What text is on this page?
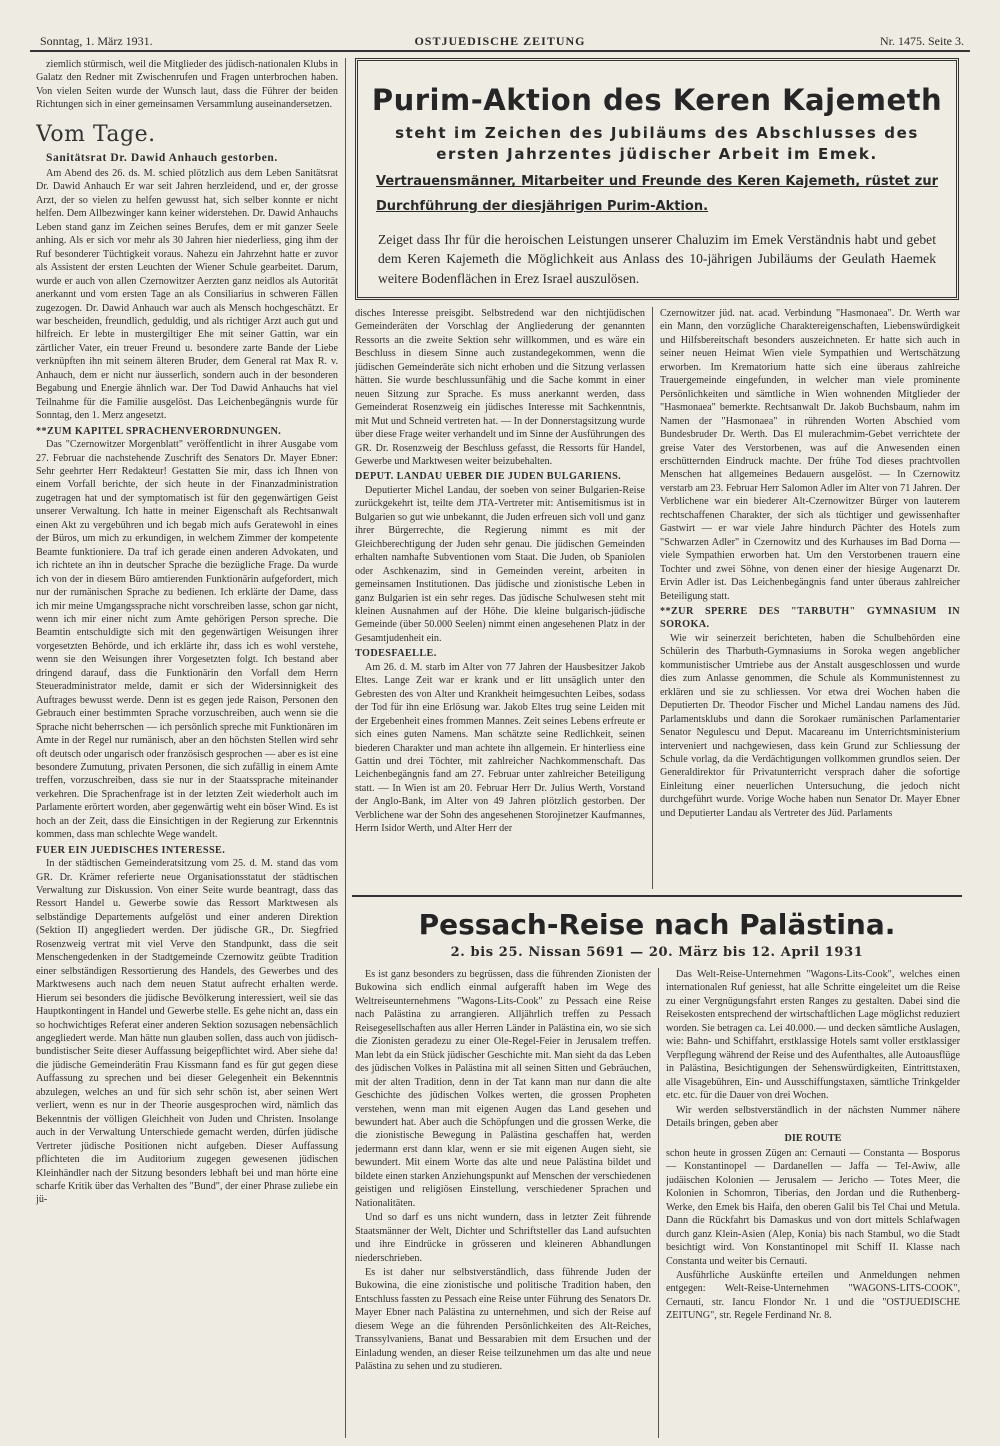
Sonntag, 1. März 1931.	OSTJUEDISCHE ZEITUNG	Nr. 1475. Seite 3.

ziemlich stürmisch, weil die Mitglieder des jüdisch-nationalen Klubs in Galatz den Redner mit Zwischenrufen und Fragen unterbrochen haben. Von vielen Seiten wurde der Wunsch laut, dass die Führer der beiden Richtungen sich in einer gemeinsamen Versammlung auseinandersetzen.

Vom Tage.

Sanitätsrat Dr. Dawid Anhauch gestorben.

Am Abend des 26. ds. M. schied plötzlich aus dem Leben Sanitätsrat Dr. Dawid Anhauch Er war seit Jahren herzleidend, und er, der grosse Arzt, der so vielen zu helfen gewusst hat, sich selber konnte er nicht helfen. Dem Allbezwinger kann keiner widerstehen. Dr. Dawid Anhauchs Leben stand ganz im Zeichen seines Berufes, dem er mit ganzer Seele anhing. Als er sich vor mehr als 30 Jahren hier niederliess, ging ihm der Ruf besonderer Tüchtigkeit voraus. Nahezu ein Jahrzehnt hatte er zuvor als Assistent der ersten Leuchten der Wiener Schule gearbeitet. Darum, wurde er auch von allen Czernowitzer Aerzten ganz neidlos als Autorität anerkannt und vom ersten Tage an als Consiliarius in schweren Fällen zugezogen. Dr. Dawid Anhauch war auch als Mensch hochgeschätzt. Er war bescheiden, freundlich, geduldig, und als richtiger Arzt auch gut und hilfreich. Er lebte in mustergiltiger Ehe mit seiner Gattin, war ein zärtlicher Vater, ein treuer Freund u. besondere zarte Bande der Liebe verknüpften ihn mit seinem älteren Bruder, dem General rat Max R. v. Anhauch, dem er nicht nur äusserlich, sondern auch in der besonderen Begabung und Energie ähnlich war. Der Tod Dawid Anhauchs hat viel Teilnahme für die Familie ausgelöst. Das Leichenbegängnis wurde für Sonntag, den 1. Merz angesetzt.

**ZUM KAPITEL SPRACHENVERORDNUNGEN.

Das "Czernowitzer Morgenblatt" veröffentlicht in ihrer Ausgabe vom 27. Februar die nachstehende Zuschrift des Senators Dr. Mayer Ebner: Sehr geehrter Herr Redakteur! Gestatten Sie mir, dass ich Ihnen von einem Vorfall berichte, der sich heute in der Finanzadministration zugetragen hat und der symptomatisch ist für den gegenwärtigen Geist unserer Verwaltung. Ich hatte in meiner Eigenschaft als Rechtsanwalt einen Akt zu vergebühren und ich begab mich aufs Geratewohl in eines der Büros, um mich zu erkundigen, in welchem Zimmer der kompetente Beamte funktioniere. Da traf ich gerade einen anderen Advokaten, und ich richtete an ihn in deutscher Sprache die bezügliche Frage. Da wurde ich von der in diesem Büro amtierenden Funktionärin aufgefordert, mich nur der rumänischen Sprache zu bedienen. Ich erklärte der Dame, dass ich mir meine Umgangssprache nicht vorschreiben lasse, schon gar nicht, wenn ich mir einer nicht zum Amte gehörigen Person spreche. Die Beamtin entschuldigte sich mit den gegenwärtigen Weisungen ihrer vorgesetzten Behörde, und ich erklärte ihr, dass ich es wohl verstehe, wenn sie den Weisungen ihrer Vorgesetzten folgt. Ich bestand aber dringend darauf, dass die Funktionärin den Vorfall dem Herrn Steueradministrator melde, damit er sich der Widersinnigkeit des Auftrages bewusst werde. Denn ist es gegen jede Raison, Personen den Gebrauch einer bestimmten Sprache vorzuschreiben, auch wenn sie die Sprache nicht beherrschen — ich persönlich spreche mit Funktionären im Amte in der Regel nur rumänisch, aber an den höchsten Stellen wird sehr oft deutsch oder ungarisch oder französisch gesprochen — aber es ist eine besondere Zumutung, privaten Personen, die sich zufällig in einem Amte treffen, vorzuschreiben, dass sie nur in der Staatssprache miteinander verkehren. Die Sprachenfrage ist in der letzten Zeit wiederholt auch im Parlamente erörtert worden, aber gegenwärtig weht ein böser Wind. Es ist hoch an der Zeit, dass die Einsichtigen in der Regierung zur Erkenntnis kommen, dass man schlechte Wege wandelt.

FUER EIN JUEDISCHES INTERESSE.

In der städtischen Gemeinderatsitzung vom 25. d. M. stand das vom GR. Dr. Krämer referierte neue Organisationsstatut der städtischen Verwaltung zur Diskussion. Von einer Seite wurde beantragt, dass das Ressort Handel u. Gewerbe sowie das Ressort Marktwesen als selbständige Departements aufgelöst und einer anderen Direktion (Sektion II) angegliedert werden. Der jüdische GR., Dr. Siegfried Rosenzweig vertrat mit viel Verve den Standpunkt, dass die seit Menschengedenken in der Stadtgemeinde Czernowitz geübte Tradition einer selbständigen Ressortierung des Handels, des Gewerbes und des Marktwesens auch nach dem neuen Statut aufrecht erhalten werde. Hierum sei besonders die jüdische Bevölkerung interessiert, weil sie das Hauptkontingent in Handel und Gewerbe stelle. Es gehe nicht an, dass ein so hochwichtiges Referat einer anderen Sektion sozusagen nebensächlich angegliedert werde. Man hätte nun glauben sollen, dass auch von jüdisch-bundistischer Seite dieser Auffassung beigepflichtet wird. Aber siehe da! die jüdische Gemeinderätin Frau Kissmann fand es für gut gegen diese Auffassung zu sprechen und bei dieser Gelegenheit ein Bekenntnis abzulegen, welches an und für sich sehr schön ist, aber seinen Wert verliert, wenn es nur in der Theorie ausgesprochen wird, nämlich das Bekenntnis der völligen Gleichheit von Juden und Christen. Insolange auch in der Verwaltung Unterschiede gemacht werden, dürfen jüdische Vertreter jüdische Positionen nicht aufgeben. Dieser Auffassung pflichteten die im Auditorium zugegen gewesenen jüdischen Kleinhändler nach der Sitzung besonders lebhaft bei und man hörte eine scharfe Kritik über das Verhalten des "Bund", der einer Phrase zuliebe ein jü-

Purim-Aktion des Keren Kajemeth
steht im Zeichen des Jubiläums des Abschlusses des ersten Jahrzentes jüdischer Arbeit im Emek.
Vertrauensmänner, Mitarbeiter und Freunde des Keren Kajemeth, rüstet zur Durchführung der diesjährigen Purim-Aktion.
Zeiget dass Ihr für die heroischen Leistungen unserer Chaluzim im Emek Verständnis habt und gebet dem Keren Kajemeth die Möglichkeit aus Anlass des 10-jährigen Jubiläums der Geulath Haemek weitere Bodenflächen in Erez Israel auszulösen.

disches Interesse preisgibt. Selbstredend war den nichtjüdischen Gemeinderäten der Vorschlag der Angliederung der genannten Ressorts an die zweite Sektion sehr willkommen, und es wäre ein Beschluss in diesem Sinne auch zustandegekommen, wenn die jüdischen Gemeinderäte sich nicht erhoben und die Sitzung verlassen hätten. Sie wurde beschlussunfähig und die Sache kommt in einer neuen Sitzung zur Sprache. Es muss anerkannt werden, dass Gemeinderat Rosenzweig ein jüdisches Interesse mit Sachkenntnis, mit Mut und Schneid vertreten hat. — In der Donnerstagsitzung wurde über diese Frage weiter verhandelt und im Sinne der Ausführungen des GR. Dr. Rosenzweig der Beschluss gefasst, die Ressorts für Handel, Gewerbe und Marktwesen weiter beizubehalten.

DEPUT. LANDAU UEBER DIE JUDEN BULGARIENS.

Deputierter Michel Landau, der soeben von seiner Bulgarien-Reise zurückgekehrt ist, teilte dem JTA-Vertreter mit: Antisemitismus ist in Bulgarien so gut wie unbekannt, die Juden erfreuen sich voll und ganz ihrer Bürgerrechte, die Regierung nimmt es mit der Gleichberechtigung der Juden sehr genau. Die jüdischen Gemeinden erhalten namhafte Subventionen vom Staat. Die Juden, ob Spaniolen oder Aschkenazim, sind in Gemeinden vereint, arbeiten in gemeinsamen Institutionen. Das jüdische und zionistische Leben in ganz Bulgarien ist ein sehr reges. Das jüdische Schulwesen steht mit kleinen Ausnahmen auf der Höhe. Die kleine bulgarisch-jüdische Gemeinde (über 50.000 Seelen) nimmt einen angesehenen Platz in der Gesamtjudenheit ein.

TODESFAELLE.

Am 26. d. M. starb im Alter von 77 Jahren der Hausbesitzer Jakob Eltes. Lange Zeit war er krank und er litt unsäglich unter den Gebresten des von Alter und Krankheit heimgesuchten Leibes, sodass der Tod für ihn eine Erlösung war. Jakob Eltes trug seine Leiden mit der Ergebenheit eines frommen Mannes. Zeit seines Lebens erfreute er sich eines guten Namens. Man schätzte seine Redlichkeit, seinen biederen Charakter und man achtete ihn allgemein. Er hinterliess eine Gattin und drei Töchter, mit zahlreicher Nachkommenschaft. Das Leichenbegängnis fand am 27. Februar unter zahlreicher Beteiligung statt. — In Wien ist am 20. Februar Herr Dr. Julius Werth, Vorstand der Anglo-Bank, im Alter von 49 Jahren plötzlich gestorben. Der Verblichene war der Sohn des angesehenen Storojinetzer Kaufmannes, Herrn Isidor Werth, und Alter Herr der

Czernowitzer jüd. nat. acad. Verbindung "Hasmonaea". Dr. Werth war ein Mann, den vorzügliche Charaktereigenschaften, Liebenswürdigkeit und Hilfsbereitschaft besonders auszeichneten. Er hatte sich auch in seiner neuen Heimat Wien viele Sympathien und Wertschätzung erworben. Im Krematorium hatte sich eine überaus zahlreiche Trauergemeinde eingefunden, in welcher man viele prominente Persönlichkeiten und sämtliche in Wien wohnenden Mitglieder der "Hasmonaea" bemerkte. Rechtsanwalt Dr. Jakob Buchsbaum, nahm im Namen der "Hasmonaea" in rührenden Worten Abschied vom Bundesbruder Dr. Werth. Das El mulerachmim-Gebet verrichtete der greise Vater des Verstorbenen, was auf die Anwesenden einen erschütternden Eindruck machte. Der frühe Tod dieses prachtvollen Menschen hat allgemeines Bedauern ausgelöst. — In Czernowitz verstarb am 23. Februar Herr Salomon Adler im Alter von 71 Jahren. Der Verblichene war ein biederer Alt-Czernowitzer Bürger von lauterem rechtschaffenen Charakter, der sich als tüchtiger und gewissenhafter Gastwirt — er war viele Jahre hindurch Pächter des Hotels zum "Schwarzen Adler" in Czernowitz und des Kurhauses im Bad Dorna — viele Sympathien erworben hat. Um den Verstorbenen trauern eine Tochter und zwei Söhne, von denen einer der hiesige Augenarzt Dr. Ervin Adler ist. Das Leichenbegängnis fand unter überaus zahlreicher Beteiligung statt.

**ZUR SPERRE DES "TARBUTH" GYMNASIUM IN SOROKA.

Wie wir seinerzeit berichteten, haben die Schulbehörden eine Schülerin des Tharbuth-Gymnasiums in Soroka wegen angeblicher kommunistischer Umtriebe aus der Anstalt ausgeschlossen und wurde dies zum Anlasse genommen, die Schule als Kommunistennest zu erklären und sie zu schliessen. Vor etwa drei Wochen haben die Deputierten Dr. Theodor Fischer und Michel Landau namens des Jüd. Parlamentsklubs und dann die Sorokaer rumänischen Parlamentarier Senator Negulescu und Deput. Macareanu im Unterrichtsministerium interveniert und nachgewiesen, dass kein Grund zur Schliessung der Schule vorlag, da die Verdächtigungen vollkommen grundlos seien. Der Generaldirektor für Privatunterricht versprach daher die sofortige Einleitung einer neuerlichen Untersuchung, die jedoch nicht durchgeführt wurde. Vorige Woche haben nun Senator Dr. Mayer Ebner und Deputierter Landau als Vertreter des Jüd. Parlaments

Pessach-Reise nach Palästina.
2. bis 25. Nissan 5691 — 20. März bis 12. April 1931

Es ist ganz besonders zu begrüssen, dass die führenden Zionisten der Bukowina sich endlich einmal aufgerafft haben im Wege des Weltreiseunternehmens "Wagons-Lits-Cook" zu Pessach eine Reise nach Palästina zu arrangieren. Alljährlich treffen zu Pessach Reisegesellschaften aus aller Herren Länder in Palästina ein, wo sie sich die Zionisten geradezu zu einer Ole-Regel-Feier in Jerusalem treffen. Man lebt da ein Stück jüdischer Geschichte mit. Man sieht da das Leben des jüdischen Volkes in Palästina mit all seinen Sitten und Gebräuchen, mit der alten Tradition, denn in der Tat kann man nur dann die alte Geschichte des jüdischen Volkes werten, die grossen Propheten verstehen, wenn man mit eigenen Augen das Land gesehen und bewundert hat. Aber auch die Schöpfungen und die grossen Werke, die die zionistische Bewegung in Palästina geschaffen hat, werden jedermann erst dann klar, wenn er sie mit eigenen Augen sieht, sie bewundert. Mit einem Worte das alte und neue Palästina bildet und bildete einen starken Anziehungspunkt auf Menschen der verschiedenen geistigen und religiösen Einstellung, verschiedener Sprachen und Nationalitäten.

Und so darf es uns nicht wundern, dass in letzter Zeit führende Staatsmänner der Welt, Dichter und Schriftsteller das Land aufsuchten und ihre Eindrücke in grösseren und kleineren Abhandlungen niederschrieben.

Es ist daher nur selbstverständlich, dass führende Juden der Bukowina, die eine zionistische und politische Tradition haben, den Entschluss fassten zu Pessach eine Reise unter Führung des Senators Dr. Mayer Ebner nach Palästina zu unternehmen, und sich der Reise auf diesem Wege an die führenden Persönlichkeiten des Alt-Reiches, Transsylvaniens, Banat und Bessarabien mit dem Ersuchen und der Einladung wenden, an dieser Reise teilzunehmen um das alte und neue Palästina zu sehen und zu studieren.

Das Welt-Reise-Unternehmen "Wagons-Lits-Cook", welches einen internationalen Ruf geniesst, hat alle Schritte eingeleitet um die Reise zu einer Vergnügungsfahrt ersten Ranges zu gestalten. Dabei sind die Reisekosten entsprechend der wirtschaftlichen Lage möglichst reduziert worden. Sie betragen ca. Lei 40.000.— und decken sämtliche Auslagen, wie: Bahn- und Schiffahrt, erstklassige Hotels samt voller erstklassiger Verpflegung während der Reise und des Aufenthaltes, alle Autoausflüge in Palästina, Besichtigungen der Sehenswürdigkeiten, Eintrittstaxen, alle Visagebühren, Ein- und Ausschiffungstaxen, sämtliche Trinkgelder etc. etc. für die Dauer von drei Wochen.

Wir werden selbstverständlich in der nächsten Nummer nähere Details bringen, geben aber

DIE ROUTE

schon heute in grossen Zügen an: Cernauti — Constanta — Bosporus — Konstantinopel — Dardanellen — Jaffa — Tel-Awiw, alle judäischen Kolonien — Jerusalem — Jericho — Totes Meer, die Kolonien in Schomron, Tiberias, den Jordan und die Ruthenberg-Werke, den Emek bis Haifa, den oberen Galil bis Tel Chai und Metula. Dann die Rückfahrt bis Damaskus und von dort mittels Schlafwagen durch ganz Klein-Asien (Alep, Konia) bis nach Stambul, wo die Stadt besichtigt wird. Von Konstantinopel mit Schiff II. Klasse nach Constanta und weiter bis Cernauti.

Ausführliche Auskünfte erteilen und Anmeldungen nehmen entgegen: Welt-Reise-Unternehmen "WAGONS-LITS-COOK", Cernauti, str. Iancu Flondor Nr. 1 und die "OSTJUEDISCHE ZEITUNG", str. Regele Ferdinand Nr. 8.
